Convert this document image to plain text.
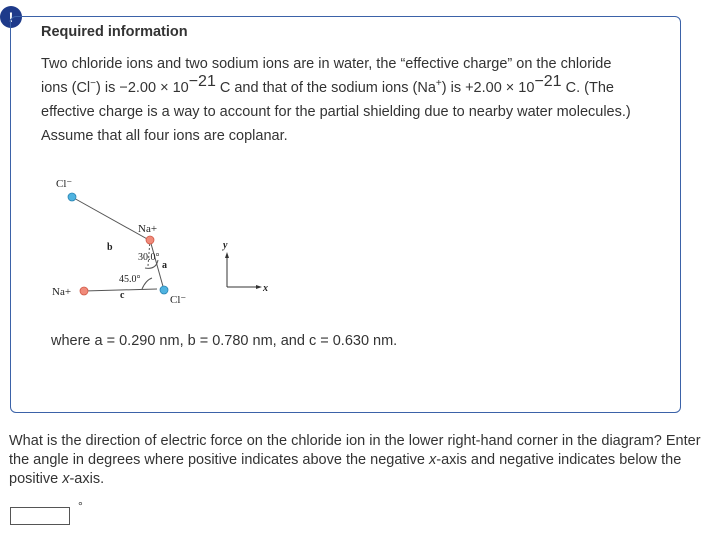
!
Required information
Two chloride ions and two sodium ions are in water, the “effective charge” on the chloride ions (Cl−) is $-2.00 \times 10^{-21}$ C and that of the sodium ions (Na+) is $+2.00 \times 10^{-21}$ C. (The effective charge is a way to account for the partial shielding due to nearby water molecules.) Assume that all four ions are coplanar.
Cl⁻
Na+
Na+
Cl⁻
b
a
c
30.0°
45.0°
y
x
where a = 0.290 nm, b = 0.780 nm, and c = 0.630 nm.
What is the direction of electric force on the chloride ion in the lower right-hand corner in the diagram? Enter the angle in degrees where positive indicates above the negative x-axis and negative indicates below the positive x-axis.
°
